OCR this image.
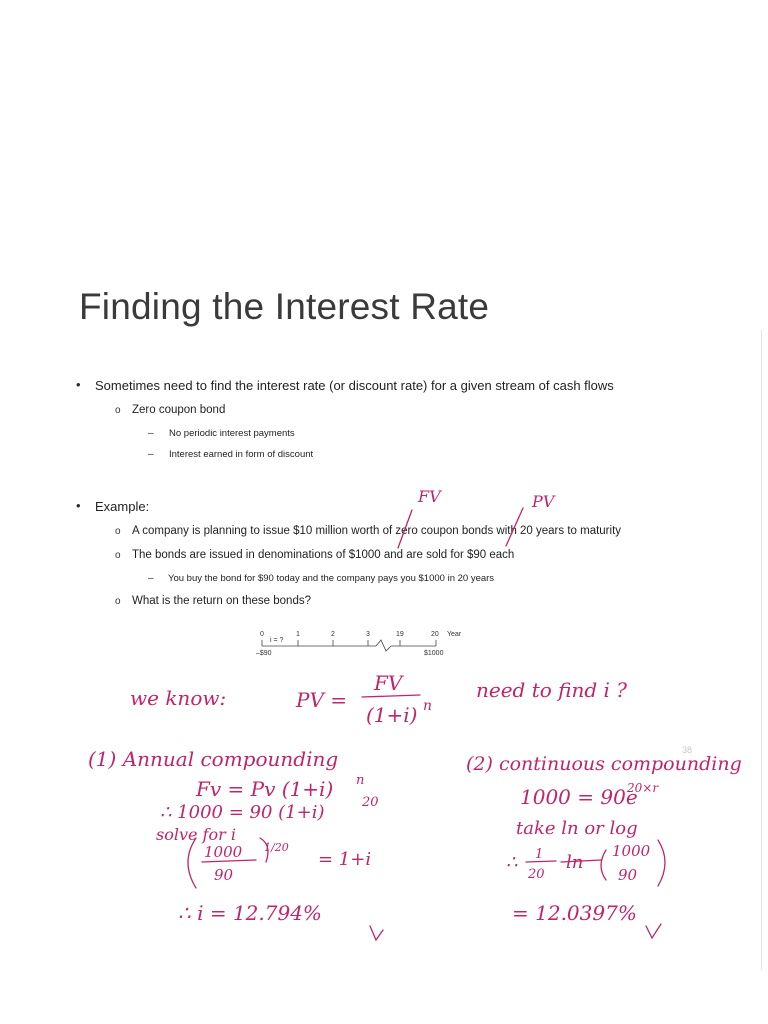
Finding the Interest Rate
• Sometimes need to find the interest rate (or discount rate) for a given stream of cash flows
o Zero coupon bond
– No periodic interest payments
– Interest earned in form of discount
• Example:
o A company is planning to issue $10 million worth of zero coupon bonds with 20 years to maturity
o The bonds are issued in denominations of $1000 and are sold for $90 each
– You buy the bond for $90 today and the company pays you $1000 in 20 years
o What is the return on these bonds?
0	1	2	3	19	20 Year
i = ?
–$90	$1000
38
FV	PV
we know:	PV =
FV
(1+i) n
need to find i ?
(1) Annual compounding
Fv = Pv (1+i) n
∴ 1000 = 90 (1+i)	20
solve for i
1000
90
1/20
= 1+i
∴ i = 12.794%
(2) continuous compounding
1000 = 90e
20×r
take ln or log
∴ 1
20
ln
1000
90
= 12.0397%
